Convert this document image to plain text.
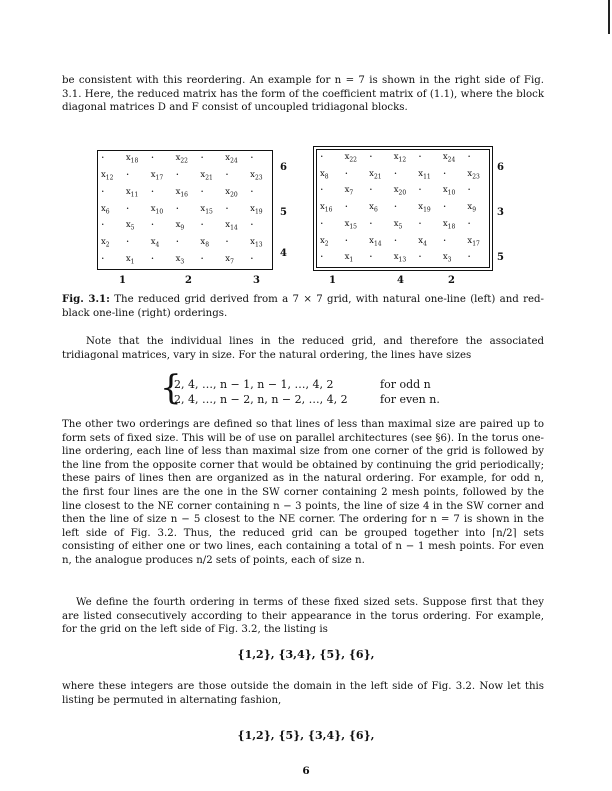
be consistent with this reordering. An example for n = 7 is shown in the right side of Fig. 3.1. Here, the reduced matrix has the form of the coefficient matrix of (1.1), where the block diagonal matrices D and F consist of uncoupled tridiagonal blocks.

·	$x_{18}$ ·	$x_{22}$ ·	$x_{24}$ ·
$x_{12}$ ·	$x_{17}$ ·	$x_{21}$ ·	$x_{23}$
·	$x_{11}$ ·	$x_{16}$ ·	$x_{20}$ ·
$x_6$ ·	$x_{10}$ ·	$x_{15}$ ·	$x_{19}$
·	$x_5$ ·	$x_9$ ·	$x_{14}$ ·
$x_2$ ·	$x_4$ ·	$x_8$ ·	$x_{13}$
·	$x_1$ ·	$x_3$ ·	$x_7$ ·
6
5
4
1	2	3
· $x_{22} \cdot x_{12} \cdot x_{24}$ ·
$x_8 \cdot x_{21} \cdot x_{11} \cdot x_{23}$
· $x_7 \cdot x_{20} \cdot x_{10}$ ·
$x_{16} \cdot x_6 \cdot x_{19} \cdot x_9$
· $x_{15} \cdot x_5 \cdot x_{18}$ ·
$x_2 \cdot x_{14} \cdot x_4 \cdot x_{17}$
· $x_1 \cdot x_{13} \cdot x_3$ ·
6
3
5
1	4	2

Fig. 3.1: The reduced grid derived from a 7 × 7 grid, with natural one-line (left) and red-black one-line (right) orderings.

Note that the individual lines in the reduced grid, and therefore the associated tridiagonal matrices, vary in size. For the natural ordering, the lines have sizes

{
2, 4, …, n − 1, n − 1, …, 4, 2	for odd n
2, 4, …, n − 2, n, n − 2, …, 4, 2	for even n.

The other two orderings are defined so that lines of less than maximal size are paired up to form sets of fixed size. This will be of use on parallel architectures (see §6). In the torus one-line ordering, each line of less than maximal size from one corner of the grid is followed by the line from the opposite corner that would be obtained by continuing the grid periodically; these pairs of lines then are organized as in the natural ordering. For example, for odd n, the first four lines are the one in the SW corner containing 2 mesh points, followed by the line closest to the NE corner containing n − 3 points, the line of size 4 in the SW corner and then the line of size n − 5 closest to the NE corner. The ordering for n = 7 is shown in the left side of Fig. 3.2. Thus, the reduced grid can be grouped together into ⌈n/2⌉ sets consisting of either one or two lines, each containing a total of n − 1 mesh points. For even n, the analogue produces n/2 sets of points, each of size n.

We define the fourth ordering in terms of these fixed sized sets. Suppose first that they are listed consecutively according to their appearance in the torus ordering. For example, for the grid on the left side of Fig. 3.2, the listing is

{1,2}, {3,4}, {5}, {6},

where these integers are those outside the domain in the left side of Fig. 3.2. Now let this listing be permuted in alternating fashion,

{1,2}, {5}, {3,4}, {6},
6
